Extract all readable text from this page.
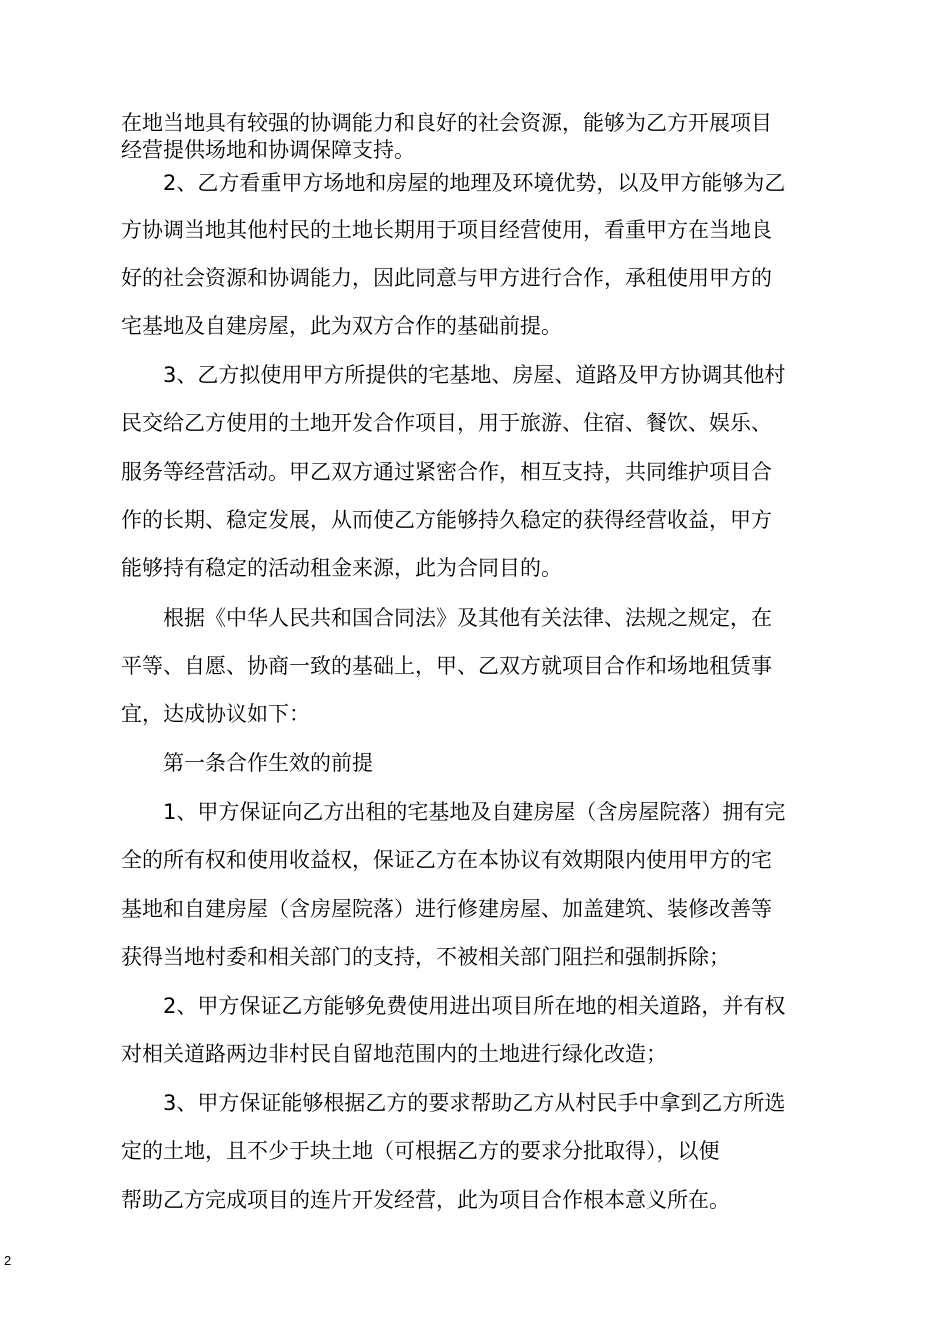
在地当地具有较强的协调能力和良好的社会资源，能够为乙方开展项目
经营提供场地和协调保障支持。
2、乙方看重甲方场地和房屋的地理及环境优势，以及甲方能够为乙
方协调当地其他村民的土地长期用于项目经营使用，看重甲方在当地良
好的社会资源和协调能力，因此同意与甲方进行合作，承租使用甲方的
宅基地及自建房屋，此为双方合作的基础前提。
3、乙方拟使用甲方所提供的宅基地、房屋、道路及甲方协调其他村
民交给乙方使用的土地开发合作项目，用于旅游、住宿、餐饮、娱乐、
服务等经营活动。甲乙双方通过紧密合作，相互支持，共同维护项目合
作的长期、稳定发展，从而使乙方能够持久稳定的获得经营收益，甲方
能够持有稳定的活动租金来源，此为合同目的。
根据《中华人民共和国合同法》及其他有关法律、法规之规定，在
平等、自愿、协商一致的基础上，甲、乙双方就项目合作和场地租赁事
宜，达成协议如下：
第一条合作生效的前提
1、甲方保证向乙方出租的宅基地及自建房屋（含房屋院落）拥有完
全的所有权和使用收益权，保证乙方在本协议有效期限内使用甲方的宅
基地和自建房屋（含房屋院落）进行修建房屋、加盖建筑、装修改善等
获得当地村委和相关部门的支持，不被相关部门阻拦和强制拆除；
2、甲方保证乙方能够免费使用进出项目所在地的相关道路，并有权
对相关道路两边非村民自留地范围内的土地进行绿化改造；
3、甲方保证能够根据乙方的要求帮助乙方从村民手中拿到乙方所选
定的土地，且不少于块土地（可根据乙方的要求分批取得），以便
帮助乙方完成项目的连片开发经营，此为项目合作根本意义所在。
2
